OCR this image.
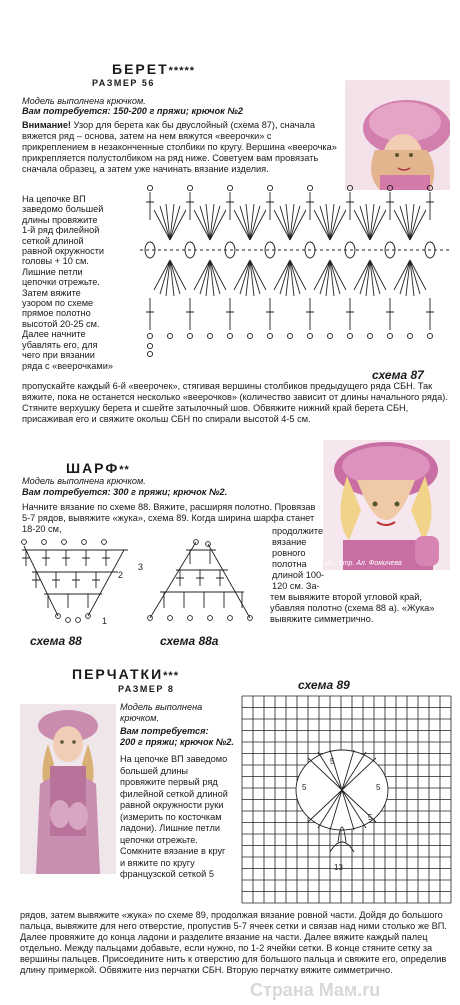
БЕРЕТ*****
РАЗМЕР 56
Модель выполнена крючком.
Вам потребуется: 150-200 г пряжи; крючок №2
Внимание! Узор для берета как бы двуслойный (схема 87), сначала вяжется ряд – основа, затем на нем вяжутся «веерочки» с прикреплением в незаконченные столбики по кругу. Вершина «веерочка» прикрепляется полустолбиком на ряд ниже. Советуем вам провязать сначала образец, а затем уже начинать вязание изделия.
На цепочке ВП
заведомо большей
длины провяжите
1-й ряд филейной
сеткой длиной
равной окружности
головы + 10 см.
Лишние петли
цепочки отрежьте.
Затем вяжите
узором по схеме
прямое полотно
высотой 20-25 см.
Далее начните
убавлять его, для
чего при вязании
ряда с «веерочками»
схема 87
пропускайте каждый 6-й «веерочек», стягивая вершины столбиков предыдущего ряда СБН. Так вяжите, пока не останется несколько «веерочков» (количество зависит от длины начального ряда). Стяните верхушку берета и сшейте затылочный шов. Обвяжите нижний край берета СБН, присаживая его и свяжите окольш СБН по спирали высотой 4-5 см.
ШАРФ**
Модель выполнена крючком.
Вам потребуется: 300 г пряжи; крючок №2.
Начните вязание по схеме 88. Вяжите, расширяя полотно. Провязав 5-7 рядов, вывяжите «жука», схема 89. Когда ширина шарфа станет 18-20 см,
Ш... стр. Ал. Фомичева
2
1
3
схема 88	схема 88а
продолжите
вязание
ровного
полотна
длиной 100-
120 см. За-
тем вывяжите второй угловой край, убавляя полотно (схема 88 а). «Жука» вывяжите симметрично.
ПЕРЧАТКИ***
РАЗМЕР 8
Модель выполнена
крючком.
Вам потребуется:
200 г пряжи; крючок №2.
На цепочке ВП заведомо
большей длины
провяжите первый ряд
филейной сеткой длиной
равной окружности руки
(измерить по косточкам
ладони). Лишние петли
цепочки отрежьте.
Сомкните вязание в круг
и вяжите по кругу
французской сеткой 5
схема 89
5
5
5
5
13
рядов, затем вывяжите «жука» по схеме 89, продолжая вязание ровной части. Дойдя до большого пальца, вывяжите для него отверстие, пропустив 5-7 ячеек сетки и связав над ними столько же ВП. Далее провяжите до конца ладони и разделите вязание на части. Далее вяжите каждый палец отдельно. Между пальцами добавьте, если нужно, по 1-2 ячейки сетки. В конце стяните сетку за вершины пальцев. Присоедините нить к отверстию для большого пальца и свяжите его, определив длину примеркой. Обвяжите низ перчатки СБН. Вторую перчатку вяжите симметрично.
Страна Мам.ru
